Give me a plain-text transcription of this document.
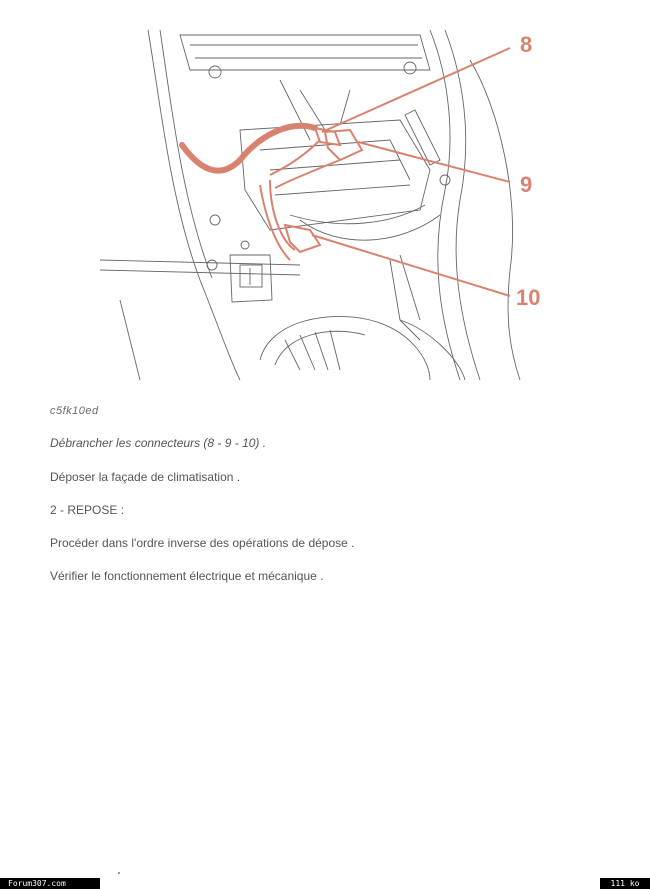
8
9
10
c5fk10ed
Débrancher les connecteurs (8 - 9 - 10) .
Déposer la façade de climatisation .
2 - REPOSE :
Procéder dans l'ordre inverse des opérations de dépose .
Vérifier le fonctionnement électrique et mécanique .
Forum307.com	111 ko
